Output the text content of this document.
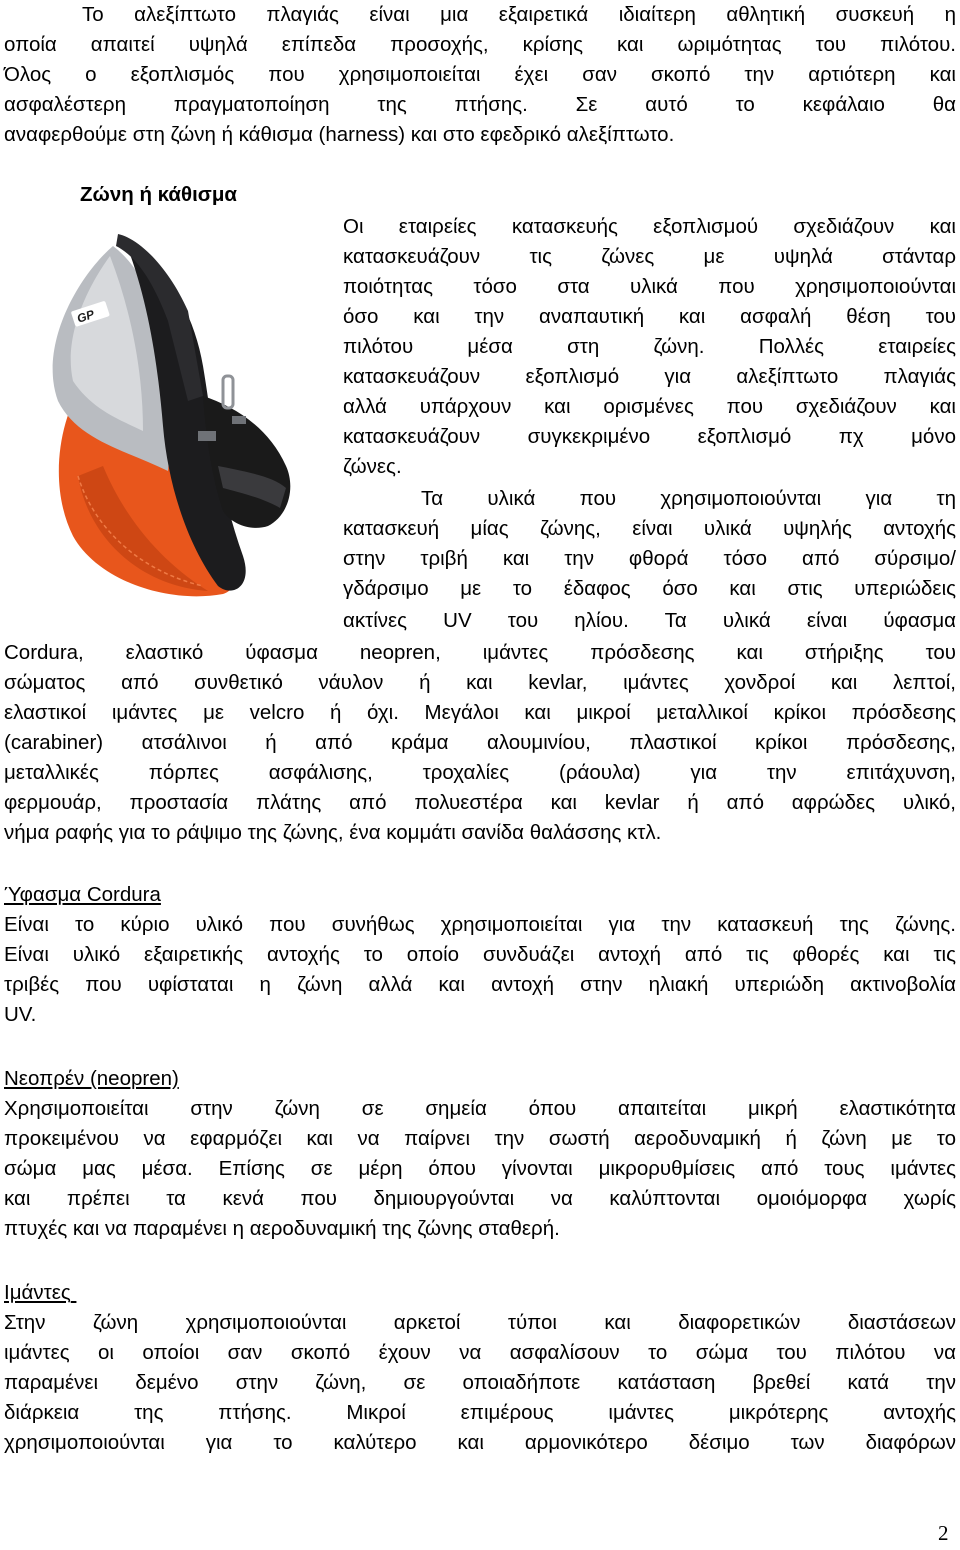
Το αλεξίπτωτο πλαγιάς είναι μια εξαιρετικά ιδιαίτερη αθλητική συσκευή η
οποία απαιτεί υψηλά επίπεδα προσοχής, κρίσης και ωριμότητας του πιλότου.
Όλος ο εξοπλισμός που χρησιμοποιείται έχει σαν σκοπό την αρτιότερη και
ασφαλέστερη πραγματοποίηση της πτήσης. Σε αυτό το κεφάλαιο θα
αναφερθούμε στη ζώνη ή κάθισμα (harness) και στο εφεδρικό αλεξίπτωτο.
Ζώνη ή κάθισμα
GP
Οι εταιρείες κατασκευής εξοπλισμού σχεδιάζουν και
κατασκευάζουν τις ζώνες με υψηλά στάνταρ
ποιότητας τόσο στα υλικά που χρησιμοποιούνται
όσο και την αναπαυτική και ασφαλή θέση του
πιλότου μέσα στη ζώνη. Πολλές εταιρείες
κατασκευάζουν εξοπλισμό για αλεξίπτωτο πλαγιάς
αλλά υπάρχουν και ορισμένες που σχεδιάζουν και
κατασκευάζουν συγκεκριμένο εξοπλισμό πχ μόνο
ζώνες.
Τα υλικά που χρησιμοποιούνται για τη
κατασκευή μίας ζώνης, είναι υλικά υψηλής αντοχής
στην τριβή και την φθορά τόσο από σύρσιμο/
γδάρσιμο με το έδαφος όσο και στις υπεριώδεις
ακτίνες UV του ηλίου. Τα υλικά είναι ύφασμα
Cordura, ελαστικό ύφασμα neopren, ιμάντες πρόσδεσης και στήριξης του
σώματος από συνθετικό νάυλον ή και kevlar, ιμάντες χονδροί και λεπτοί,
ελαστικοί ιμάντες με velcro ή όχι. Μεγάλοι και μικροί μεταλλικοί κρίκοι πρόσδεσης
(carabiner) ατσάλινοι ή από κράμα αλουμινίου, πλαστικοί κρίκοι πρόσδεσης,
μεταλλικές πόρπες ασφάλισης, τροχαλίες (ράουλα) για την επιτάχυνση,
φερμουάρ, προστασία πλάτης από πολυεστέρα και kevlar ή από αφρώδες υλικό,
νήμα ραφής για το ράψιμο της ζώνης, ένα κομμάτι σανίδα θαλάσσης κτλ.
Ύφασμα Cordura
Είναι το κύριο υλικό που συνήθως χρησιμοποιείται για την κατασκευή της ζώνης.
Είναι υλικό εξαιρετικής αντοχής το οποίο συνδυάζει αντοχή από τις φθορές και τις
τριβές που υφίσταται η ζώνη αλλά και αντοχή στην ηλιακή υπεριώδη ακτινοβολία
UV.
Νεοπρέν (neopren)
Χρησιμοποιείται στην ζώνη σε σημεία όπου απαιτείται μικρή ελαστικότητα
προκειμένου να εφαρμόζει και να παίρνει την σωστή αεροδυναμική ή ζώνη με το
σώμα μας μέσα. Επίσης σε μέρη όπου γίνονται μικρορυθμίσεις από τους ιμάντες
και πρέπει τα κενά που δημιουργούνται να καλύπτονται ομοιόμορφα χωρίς
πτυχές και να παραμένει η αεροδυναμική της ζώνης σταθερή.
Ιμάντες
Στην ζώνη χρησιμοποιούνται αρκετοί τύποι και διαφορετικών διαστάσεων
ιμάντες οι οποίοι σαν σκοπό έχουν να ασφαλίσουν το σώμα του πιλότου να
παραμένει δεμένο στην ζώνη, σε οποιαδήποτε κατάσταση βρεθεί κατά την
διάρκεια της πτήσης. Μικροί επιμέρους ιμάντες μικρότερης αντοχής
χρησιμοποιούνται για το καλύτερο και αρμονικότερο δέσιμο των διαφόρων
2
